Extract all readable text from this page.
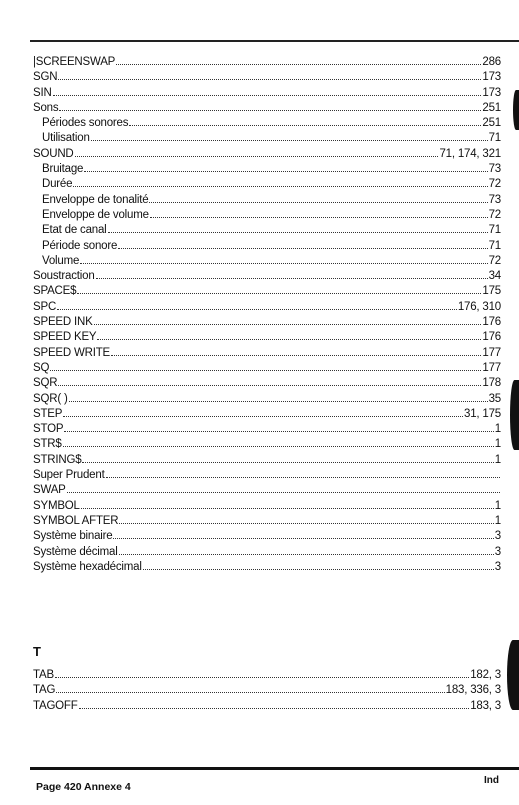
|SCREENSWAP	286
SGN	173
SIN	173
Sons	251
Périodes sonores	251
Utilisation	71
SOUND	71, 174, 321
Bruitage	73
Durée	72
Enveloppe de tonalité	73
Enveloppe de volume	72
Etat de canal	71
Période sonore	71
Volume	72
Soustraction	34
SPACE$	175
SPC	176, 310
SPEED INK	176
SPEED KEY	176
SPEED WRITE	177
SQ	177
SQR	178
SQR( )	35
STEP	31, 175
STOP	1
STR$	1
STRING$	1
Super Prudent
SWAP
SYMBOL	1
SYMBOL AFTER	1
Système binaire	3
Système décimal	3
Système hexadécimal	3
T
TAB	182, 3
TAG	183, 336, 3
TAGOFF	183, 3
Page 420 Annexe 4
Ind
